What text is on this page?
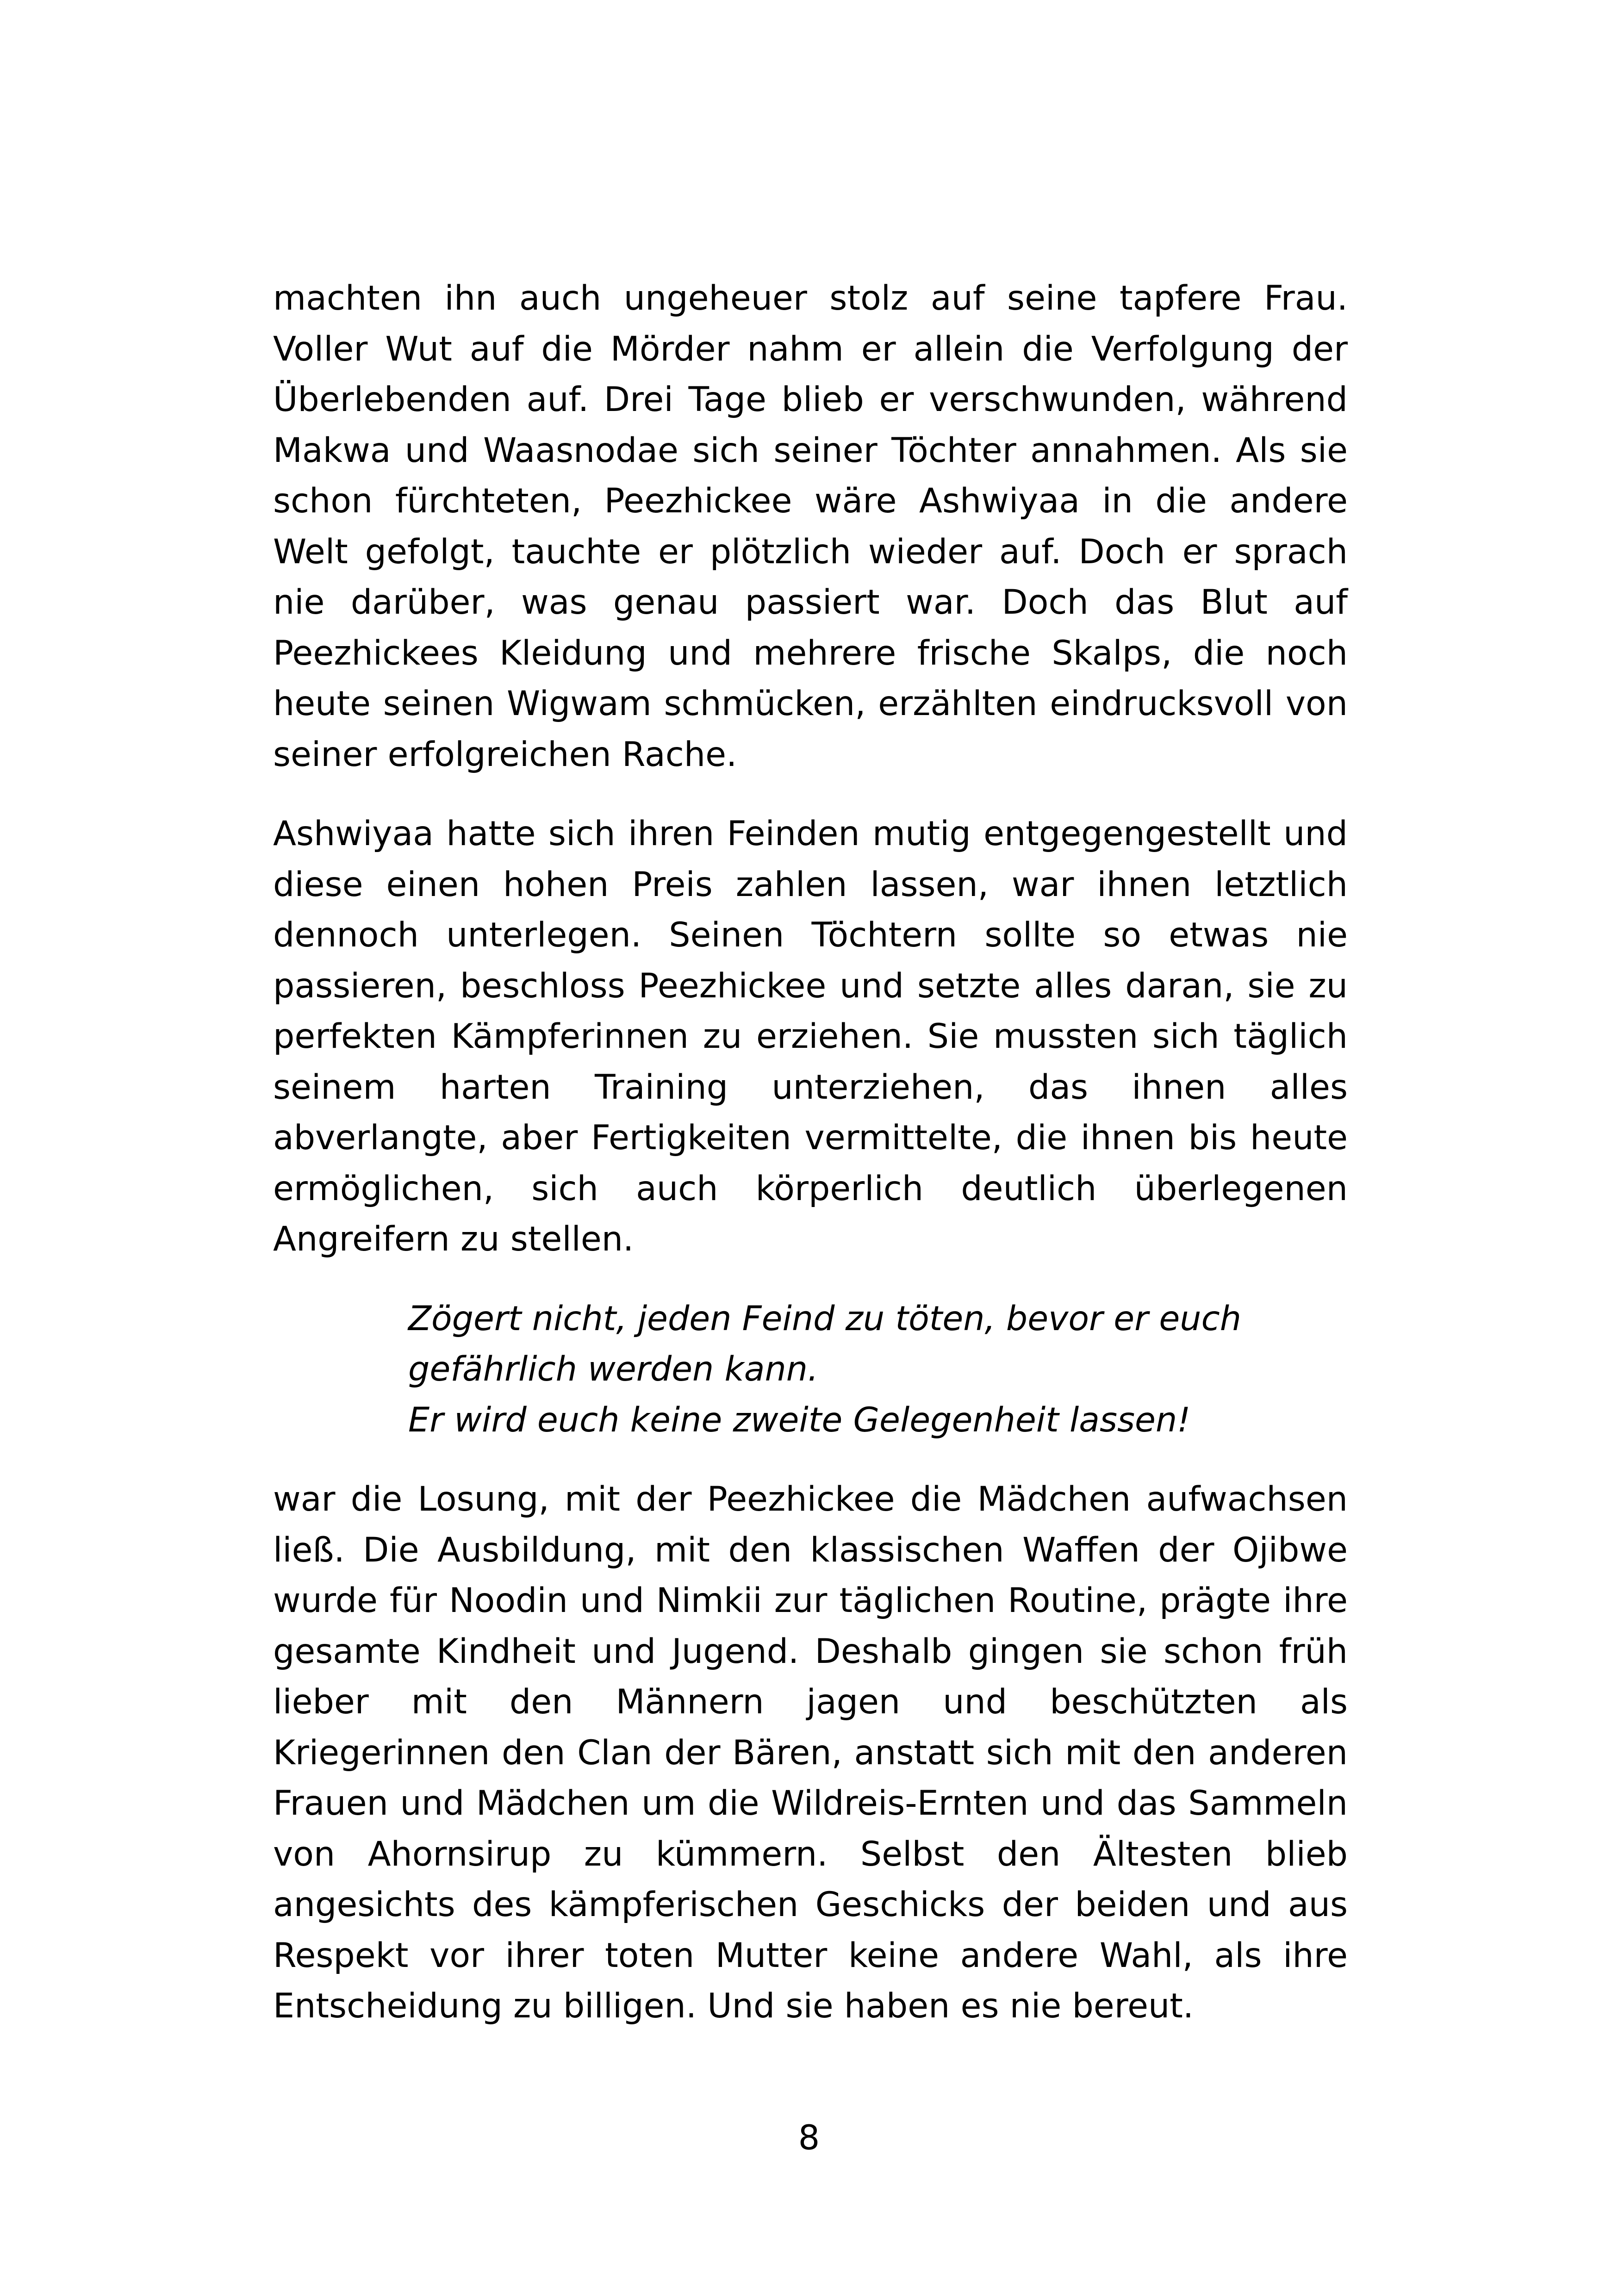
machten ihn auch ungeheuer stolz auf seine tapfere Frau. Voller Wut auf die Mörder nahm er allein die Verfolgung der Überlebenden auf. Drei Tage blieb er verschwunden, während Makwa und Waasnodae sich seiner Töchter annahmen. Als sie schon fürchteten, Peezhickee wäre Ashwiyaa in die andere Welt gefolgt, tauchte er plötzlich wieder auf. Doch er sprach nie darüber, was genau passiert war. Doch das Blut auf Peezhickees Kleidung und mehrere frische Skalps, die noch heute seinen Wigwam schmücken, erzählten eindrucksvoll von seiner erfolgreichen Rache.

Ashwiyaa hatte sich ihren Feinden mutig entgegengestellt und diese einen hohen Preis zahlen lassen, war ihnen letztlich dennoch unterlegen. Seinen Töchtern sollte so etwas nie passieren, beschloss Peezhickee und setzte alles daran, sie zu perfekten Kämpferinnen zu erziehen. Sie mussten sich täglich seinem harten Training unterziehen, das ihnen alles abverlangte, aber Fertigkeiten vermittelte, die ihnen bis heute ermöglichen, sich auch körperlich deutlich überlegenen Angreifern zu stellen.

Zögert nicht, jeden Feind zu töten, bevor er euch
gefährlich werden kann.
Er wird euch keine zweite Gelegenheit lassen!

war die Losung, mit der Peezhickee die Mädchen aufwachsen ließ. Die Ausbildung, mit den klassischen Waffen der Ojibwe wurde für Noodin und Nimkii zur täglichen Routine, prägte ihre gesamte Kindheit und Jugend. Deshalb gingen sie schon früh lieber mit den Männern jagen und beschützten als Kriegerinnen den Clan der Bären, anstatt sich mit den anderen Frauen und Mädchen um die Wildreis-Ernten und das Sammeln von Ahornsirup zu kümmern. Selbst den Ältesten blieb angesichts des kämpferischen Geschicks der beiden und aus Respekt vor ihrer toten Mutter keine andere Wahl, als ihre Entscheidung zu billigen. Und sie haben es nie bereut.

8
